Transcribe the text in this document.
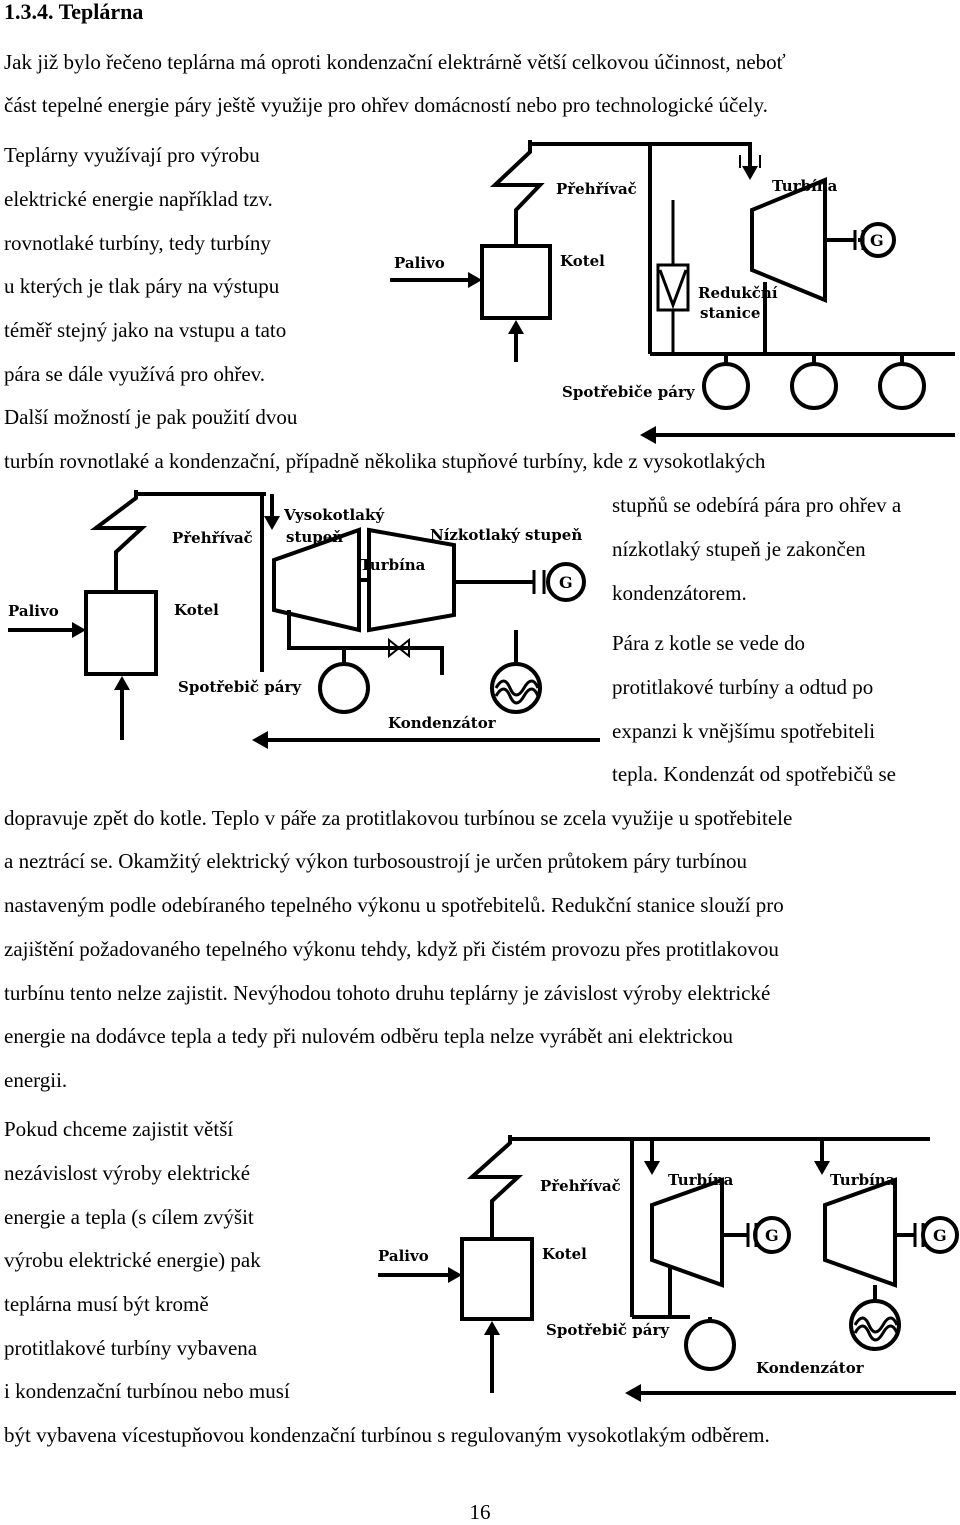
1.3.4. Teplárna

Jak již bylo řečeno teplárna má oproti kondenzační elektrárně větší celkovou účinnost, neboť

část tepelné energie páry ještě využije pro ohřev domácností nebo pro technologické účely.

Teplárny využívají pro výrobu

elektrické energie například tzv.

rovnotlaké turbíny, tedy turbíny

u kterých je tlak páry na výstupu

téměř stejný jako na vstupu a tato

pára se dále využívá pro ohřev.

Další možností je pak použití dvou

turbín rovnotlaké a kondenzační, případně několika stupňové turbíny, kde z vysokotlakých

stupňů se odebírá pára pro ohřev a

nízkotlaký stupeň je zakončen

kondenzátorem.

Pára z kotle se vede do

protitlakové turbíny a odtud po

expanzi k vnějšímu spotřebiteli

tepla. Kondenzát od spotřebičů se

dopravuje zpět do kotle. Teplo v páře za protitlakovou turbínou se zcela využije u spotřebitele

a neztrácí se. Okamžitý elektrický výkon turbosoustrojí je určen průtokem páry turbínou

nastaveným podle odebíraného tepelného výkonu u spotřebitelů. Redukční stanice slouží pro

zajištění požadovaného tepelného výkonu tehdy, když při čistém provozu přes protitlakovou

turbínu tento nelze zajistit. Nevýhodou tohoto druhu teplárny je závislost výroby elektrické

energie na dodávce tepla a tedy při nulovém odběru tepla nelze vyrábět ani elektrickou

energii.

Pokud chceme zajistit větší

nezávislost výroby elektrické

energie a tepla (s cílem zvýšit

výrobu elektrické energie) pak

teplárna musí být kromě

protitlakové turbíny vybavena

i kondenzační turbínou nebo musí

být vybavena vícestupňovou kondenzační turbínou s regulovaným vysokotlakým odběrem.

16
Přehřívač	Turbína
Palivo	Kotel
G
Redukční
stanice
Spotřebiče páry
Vysokotlaký
stupeň
Přehřívač	Nízkotlaký stupeň
Turbína
Palivo	Kotel
G
Spotřebič páry
Kondenzátor
Přehřívač	Turbína	Turbína
Palivo	Kotel
G	G
Spotřebič páry
Kondenzátor
